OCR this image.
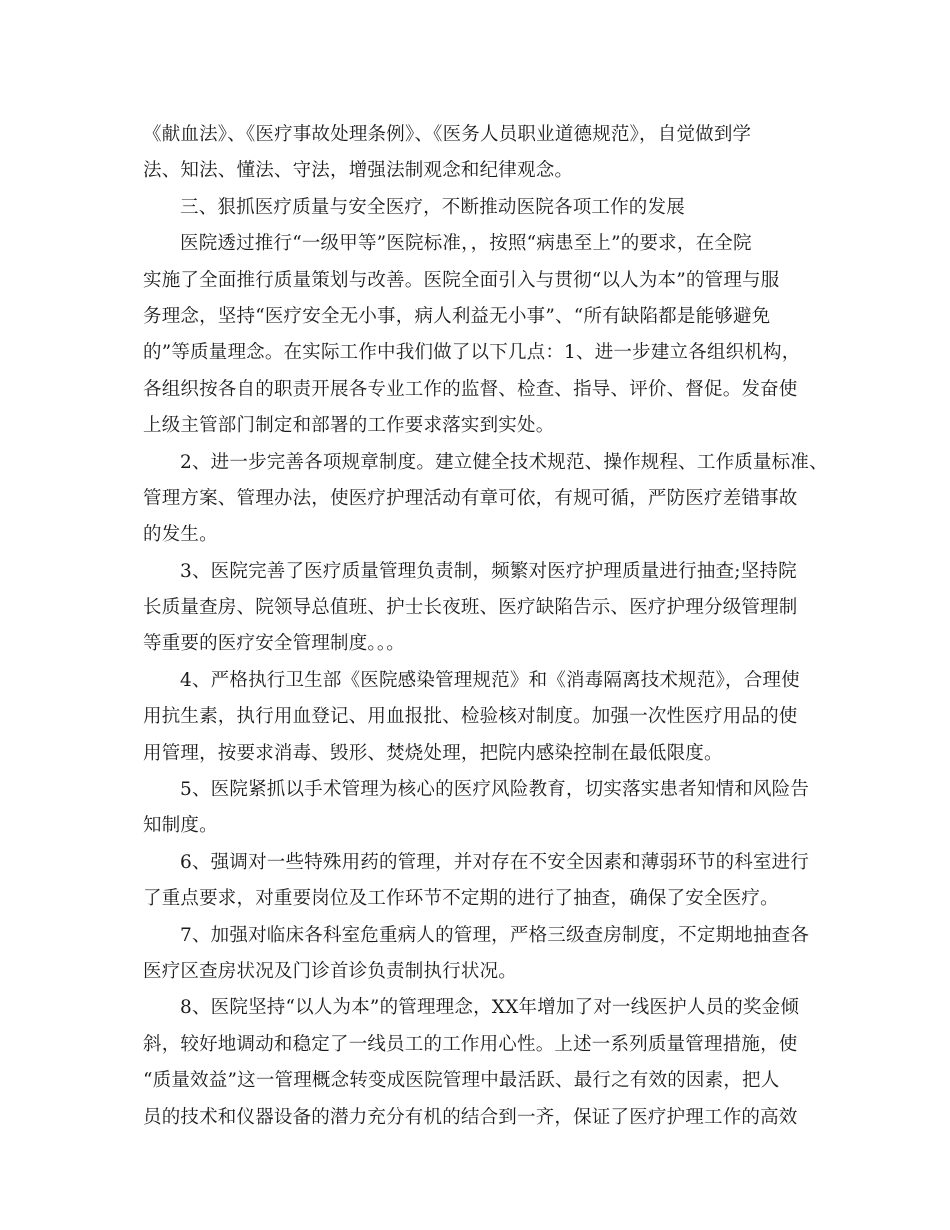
《献血法》、《医疗事故处理条例》、《医务人员职业道德规范》，自觉做到学
法、知法、懂法、守法，增强法制观念和纪律观念。
三、狠抓医疗质量与安全医疗，不断推动医院各项工作的发展
医院透过推行“一级甲等”医院标准，，按照“病患至上”的要求，在全院
实施了全面推行质量策划与改善。医院全面引入与贯彻“以人为本”的管理与服
务理念，坚持“医疗安全无小事，病人利益无小事”、“所有缺陷都是能够避免
的”等质量理念。在实际工作中我们做了以下几点：1、进一步建立各组织机构，
各组织按各自的职责开展各专业工作的监督、检查、指导、评价、督促。发奋使
上级主管部门制定和部署的工作要求落实到实处。
2、进一步完善各项规章制度。建立健全技术规范、操作规程、工作质量标准、
管理方案、管理办法，使医疗护理活动有章可依，有规可循，严防医疗差错事故
的发生。
3、医院完善了医疗质量管理负责制，频繁对医疗护理质量进行抽查;坚持院
长质量查房、院领导总值班、护士长夜班、医疗缺陷告示、医疗护理分级管理制
等重要的医疗安全管理制度。。。
4、严格执行卫生部《医院感染管理规范》和《消毒隔离技术规范》，合理使
用抗生素，执行用血登记、用血报批、检验核对制度。加强一次性医疗用品的使
用管理，按要求消毒、毁形、焚烧处理，把院内感染控制在最低限度。
5、医院紧抓以手术管理为核心的医疗风险教育，切实落实患者知情和风险告
知制度。
6、强调对一些特殊用药的管理，并对存在不安全因素和薄弱环节的科室进行
了重点要求，对重要岗位及工作环节不定期的进行了抽查，确保了安全医疗。
7、加强对临床各科室危重病人的管理，严格三级查房制度，不定期地抽查各
医疗区查房状况及门诊首诊负责制执行状况。
8、医院坚持“以人为本”的管理理念，XX年增加了对一线医护人员的奖金倾
斜，较好地调动和稳定了一线员工的工作用心性。上述一系列质量管理措施，使
“质量效益”这一管理概念转变成医院管理中最活跃、最行之有效的因素，把人
员的技术和仪器设备的潜力充分有机的结合到一齐，保证了医疗护理工作的高效
